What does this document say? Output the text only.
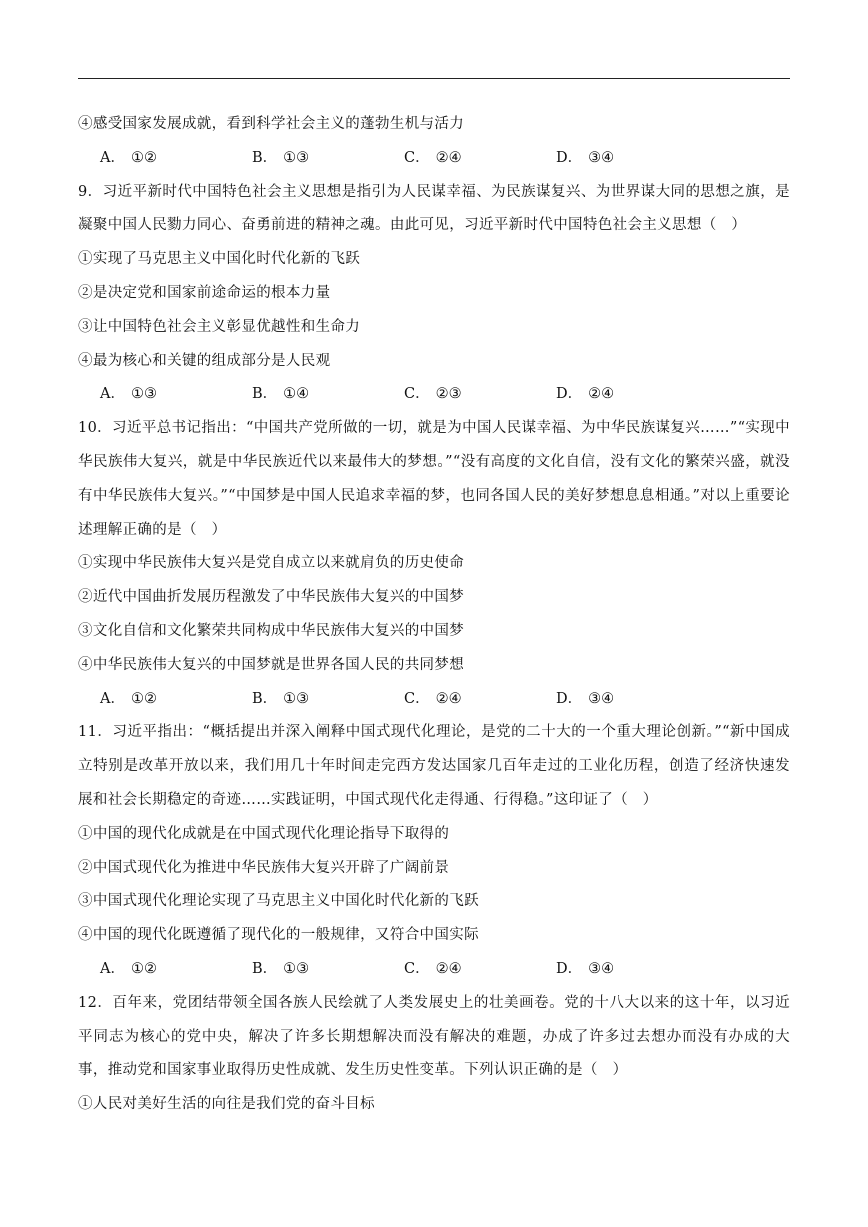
④感受国家发展成就，看到科学社会主义的蓬勃生机与活力
A． ①②	B． ①③	C． ②④	D． ③④
9．习近平新时代中国特色社会主义思想是指引为人民谋幸福、为民族谋复兴、为世界谋大同的思想之旗，是凝聚中国人民勠力同心、奋勇前进的精神之魂。由此可见，习近平新时代中国特色社会主义思想（　）
①实现了马克思主义中国化时代化新的飞跃
②是决定党和国家前途命运的根本力量
③让中国特色社会主义彰显优越性和生命力
④最为核心和关键的组成部分是人民观
A． ①③	B． ①④	C． ②③	D． ②④
10．习近平总书记指出：“中国共产党所做的一切，就是为中国人民谋幸福、为中华民族谋复兴……”“实现中华民族伟大复兴，就是中华民族近代以来最伟大的梦想。”“没有高度的文化自信，没有文化的繁荣兴盛，就没有中华民族伟大复兴。”“中国梦是中国人民追求幸福的梦，也同各国人民的美好梦想息息相通。”对以上重要论述理解正确的是（　）
①实现中华民族伟大复兴是党自成立以来就肩负的历史使命
②近代中国曲折发展历程激发了中华民族伟大复兴的中国梦
③文化自信和文化繁荣共同构成中华民族伟大复兴的中国梦
④中华民族伟大复兴的中国梦就是世界各国人民的共同梦想
A． ①②	B． ①③	C． ②④	D． ③④
11．习近平指出：“概括提出并深入阐释中国式现代化理论，是党的二十大的一个重大理论创新。”“新中国成立特别是改革开放以来，我们用几十年时间走完西方发达国家几百年走过的工业化历程，创造了经济快速发展和社会长期稳定的奇迹……实践证明，中国式现代化走得通、行得稳。”这印证了（　）
①中国的现代化成就是在中国式现代化理论指导下取得的
②中国式现代化为推进中华民族伟大复兴开辟了广阔前景
③中国式现代化理论实现了马克思主义中国化时代化新的飞跃
④中国的现代化既遵循了现代化的一般规律，又符合中国实际
A． ①②	B． ①③	C． ②④	D． ③④
12．百年来，党团结带领全国各族人民绘就了人类发展史上的壮美画卷。党的十八大以来的这十年，以习近平同志为核心的党中央，解决了许多长期想解决而没有解决的难题，办成了许多过去想办而没有办成的大事，推动党和国家事业取得历史性成就、发生历史性变革。下列认识正确的是（　）
①人民对美好生活的向往是我们党的奋斗目标
